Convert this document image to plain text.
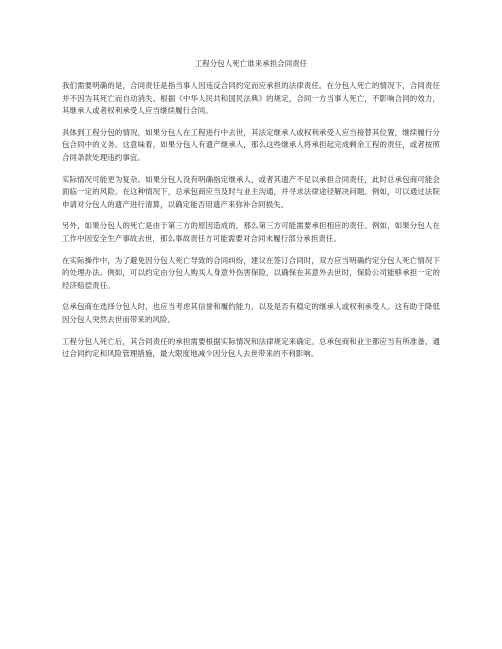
工程分包人死亡谁来承担合同责任

我们需要明确的是，合同责任是指当事人因违反合同约定而应承担的法律责任。在分包人死亡的情况下，合同责任并不因为其死亡而自动消失。根据《中华人民共和国民法典》的规定，合同一方当事人死亡，不影响合同的效力，其继承人或者权利承受人应当继续履行合同。

具体到工程分包的情况，如果分包人在工程进行中去世，其法定继承人或权利承受人应当接替其位置，继续履行分包合同中的义务。这意味着，如果分包人有遗产继承人，那么这些继承人将承担起完成剩余工程的责任，或者按照合同条款处理违约事宜。

实际情况可能更为复杂。如果分包人没有明确指定继承人，或者其遗产不足以承担合同责任，此时总承包商可能会面临一定的风险。在这种情况下，总承包商应当及时与业主沟通，并寻求法律途径解决问题。例如，可以通过法院申请对分包人的遗产进行清算，以确定能否用遗产来弥补合同损失。

另外，如果分包人的死亡是由于第三方的原因造成的，那么第三方可能需要承担相应的责任。例如，如果分包人在工作中因安全生产事故去世，那么事故责任方可能需要对合同未履行部分承担责任。

在实际操作中，为了避免因分包人死亡导致的合同纠纷，建议在签订合同时，双方应当明确约定分包人死亡情况下的处理办法。例如，可以约定由分包人购买人身意外伤害保险，以确保在其意外去世时，保险公司能够承担一定的经济赔偿责任。

总承包商在选择分包人时，也应当考虑其信誉和履约能力，以及是否有稳定的继承人或权利承受人。这有助于降低因分包人突然去世而带来的风险。

工程分包人死亡后，其合同责任的承担需要根据实际情况和法律规定来确定。总承包商和业主都应当有所准备，通过合同约定和风险管理措施，最大限度地减少因分包人去世带来的不利影响。
